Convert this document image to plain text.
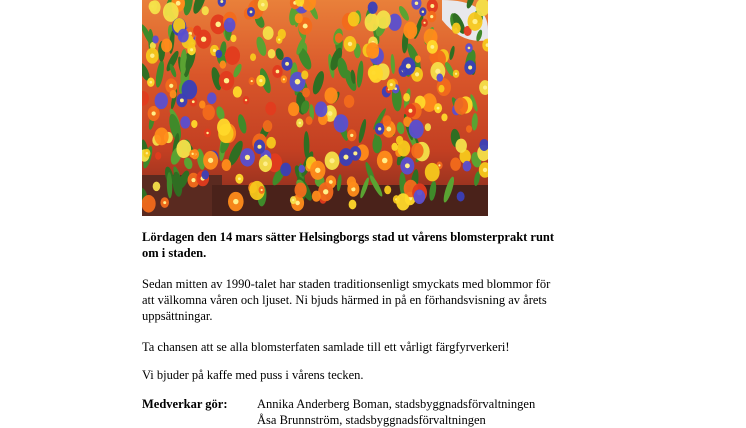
Lördagen den 14 mars sätter Helsingborgs stad ut vårens blomsterprakt runt om i staden.
Sedan mitten av 1990-talet har staden traditionsenligt smyckats med blommor för att välkomna våren och ljuset. Ni bjuds härmed in på en förhandsvisning av årets uppsättningar.
Ta chansen att se alla blomsterfaten samlade till ett vårligt färgfyrverkeri!
Vi bjuder på kaffe med puss i vårens tecken.
Medverkar gör:	Annika Anderberg Boman, stadsbyggnadsförvaltningen
Åsa Brunnström, stadsbyggnadsförvaltningen
